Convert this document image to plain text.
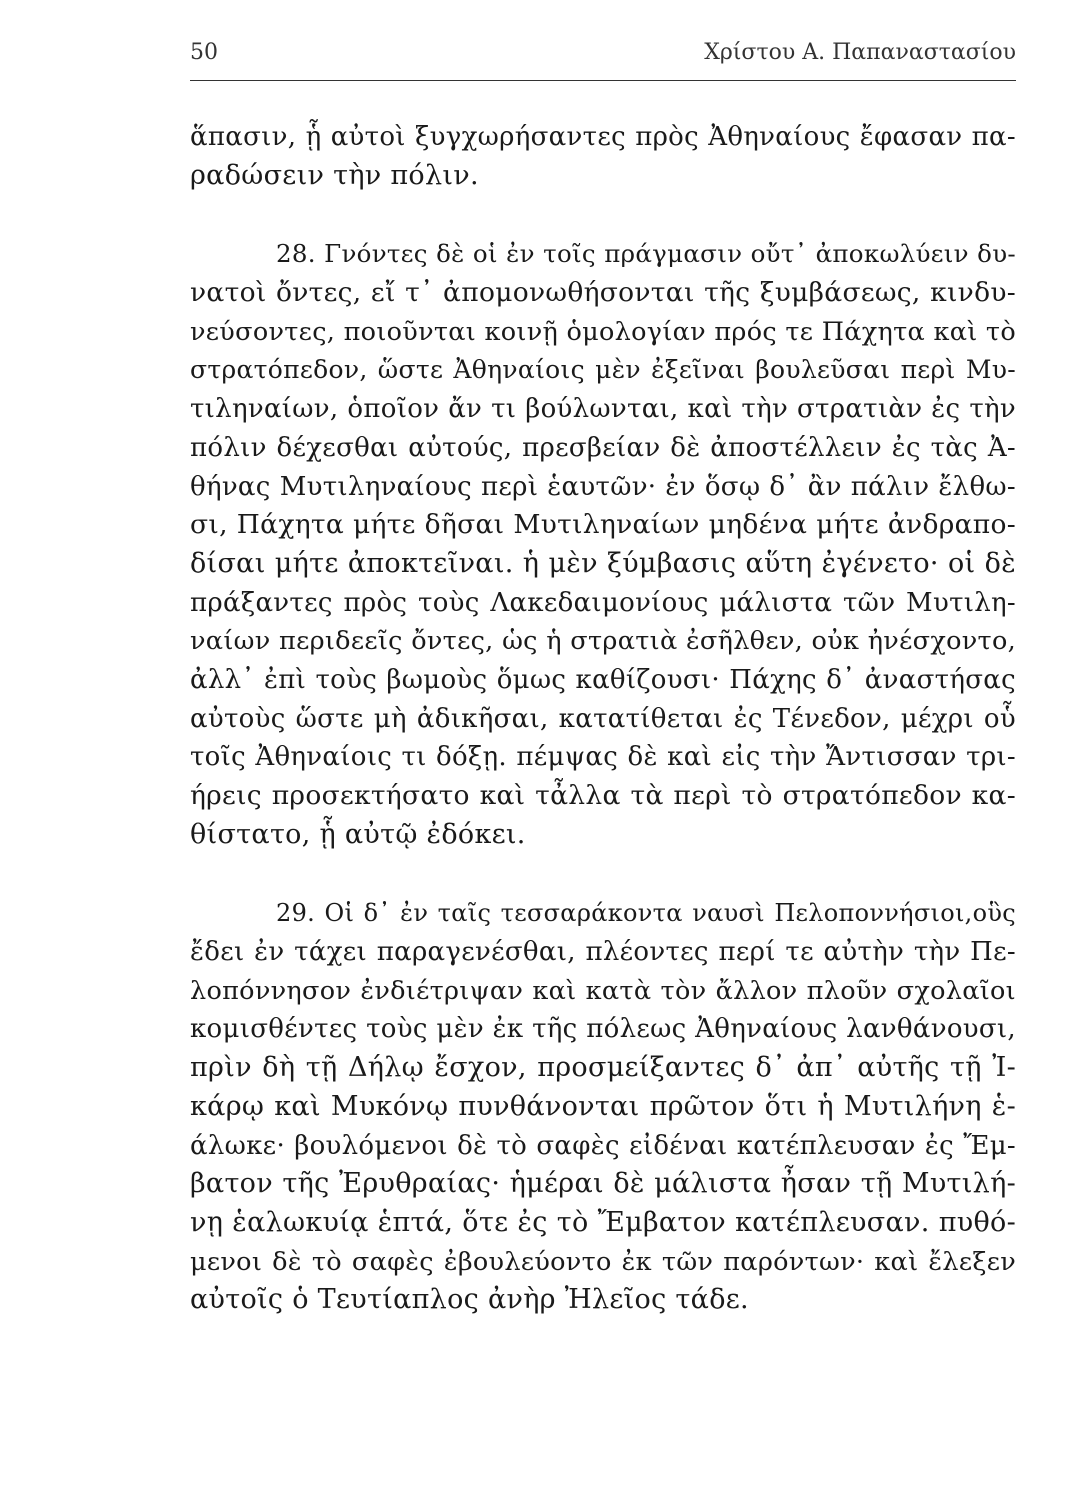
50	Χρίστου Α. Παπαναστασίου
ἅπασιν, ᾗ αὐτοὶ ξυγχωρήσαντες πρὸς Ἀθηναίους ἔφασαν πα-
ραδώσειν τὴν πόλιν.
28. Γνόντες δὲ οἱ ἐν τοῖς πράγμασιν οὔτ᾽ ἀποκωλύειν δυ-
νατοὶ ὄντες, εἴ τ᾽ ἀπομονωθήσονται τῆς ξυμβάσεως, κινδυ-
νεύσοντες, ποιοῦνται κοινῇ ὁμολογίαν πρός τε Πάχητα καὶ τὸ
στρατόπεδον, ὥστε Ἀθηναίοις μὲν ἐξεῖναι βουλεῦσαι περὶ Μυ-
τιληναίων, ὁποῖον ἄν τι βούλωνται, καὶ τὴν στρατιὰν ἐς τὴν
πόλιν δέχεσθαι αὐτούς, πρεσβείαν δὲ ἀποστέλλειν ἐς τὰς Ἀ-
θήνας Μυτιληναίους περὶ ἑαυτῶν· ἐν ὅσῳ δ᾽ ἂν πάλιν ἔλθω-
σι, Πάχητα μήτε δῆσαι Μυτιληναίων μηδένα μήτε ἀνδραπο-
δίσαι μήτε ἀποκτεῖναι. ἡ μὲν ξύμβασις αὕτη ἐγένετο· οἱ δὲ
πράξαντες πρὸς τοὺς Λακεδαιμονίους μάλιστα τῶν Μυτιλη-
ναίων περιδεεῖς ὄντες, ὡς ἡ στρατιὰ ἐσῆλθεν, οὐκ ἠνέσχοντο,
ἀλλ᾽ ἐπὶ τοὺς βωμοὺς ὅμως καθίζουσι· Πάχης δ᾽ ἀναστήσας
αὐτοὺς ὥστε μὴ ἀδικῆσαι, κατατίθεται ἐς Τένεδον, μέχρι οὗ
τοῖς Ἀθηναίοις τι δόξῃ. πέμψας δὲ καὶ εἰς τὴν Ἄντισσαν τρι-
ήρεις προσεκτήσατο καὶ τἆλλα τὰ περὶ τὸ στρατόπεδον κα-
θίστατο, ᾗ αὐτῷ ἐδόκει.
29. Οἱ δ᾽ ἐν ταῖς τεσσαράκοντα ναυσὶ Πελοποννήσιοι,οὓς
ἔδει ἐν τάχει παραγενέσθαι, πλέοντες περί τε αὐτὴν τὴν Πε-
λοπόννησον ἐνδιέτριψαν καὶ κατὰ τὸν ἄλλον πλοῦν σχολαῖοι
κομισθέντες τοὺς μὲν ἐκ τῆς πόλεως Ἀθηναίους λανθάνουσι,
πρὶν δὴ τῇ Δήλῳ ἔσχον, προσμείξαντες δ᾽ ἀπ᾽ αὐτῆς τῇ Ἰ-
κάρῳ καὶ Μυκόνῳ πυνθάνονται πρῶτον ὅτι ἡ Μυτιλήνη ἑ-
άλωκε· βουλόμενοι δὲ τὸ σαφὲς εἰδέναι κατέπλευσαν ἐς Ἔμ-
βατον τῆς Ἐρυθραίας· ἡμέραι δὲ μάλιστα ἦσαν τῇ Μυτιλή-
νῃ ἑαλωκυίᾳ ἑπτά, ὅτε ἐς τὸ Ἔμβατον κατέπλευσαν. πυθό-
μενοι δὲ τὸ σαφὲς ἐβουλεύοντο ἐκ τῶν παρόντων· καὶ ἔλεξεν
αὐτοῖς ὁ Τευτίαπλος ἀνὴρ Ἠλεῖος τάδε.
